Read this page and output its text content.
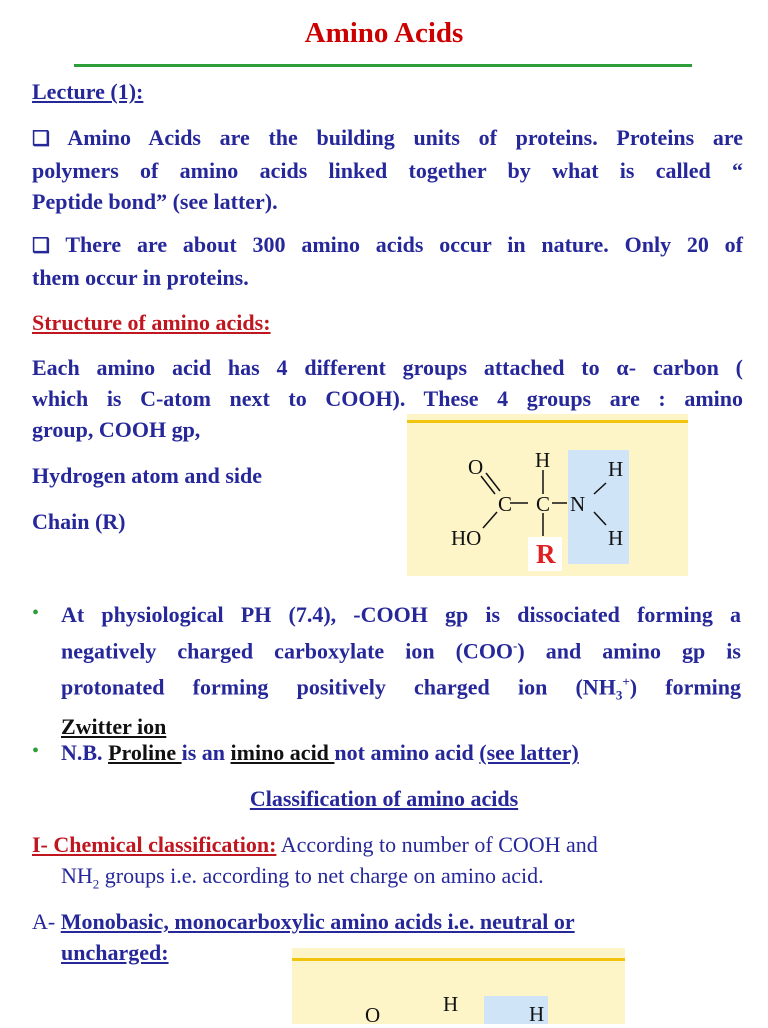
Amino Acids
Lecture (1):
❑ Amino Acids are the building units of proteins. Proteins are
polymers of amino acids linked together by what is called “
Peptide bond” (see latter).
❑ There are about 300 amino acids occur in nature. Only 20 of
them occur in proteins.
Structure of amino acids:
Each amino acid has 4 different groups attached to α- carbon (
which is C-atom next to COOH). These 4 groups are : amino
group, COOH gp,
Hydrogen atom and side
Chain (R)
O
HO
C C N
H	H
H
R
• At physiological PH (7.4), -COOH gp is dissociated forming a
negatively charged carboxylate ion (COO-) and amino gp is
protonated forming positively charged ion $(NH_3^+)$ forming
Zwitter ion
• N.B. Proline is an imino acid not amino acid (see latter)
Classification of amino acids
I- Chemical classification: According to number of COOH and
$NH_2$ groups i.e. according to net charge on amino acid.
A- Monobasic, monocarboxylic amino acids i.e. neutral or
uncharged:
O	H	H
